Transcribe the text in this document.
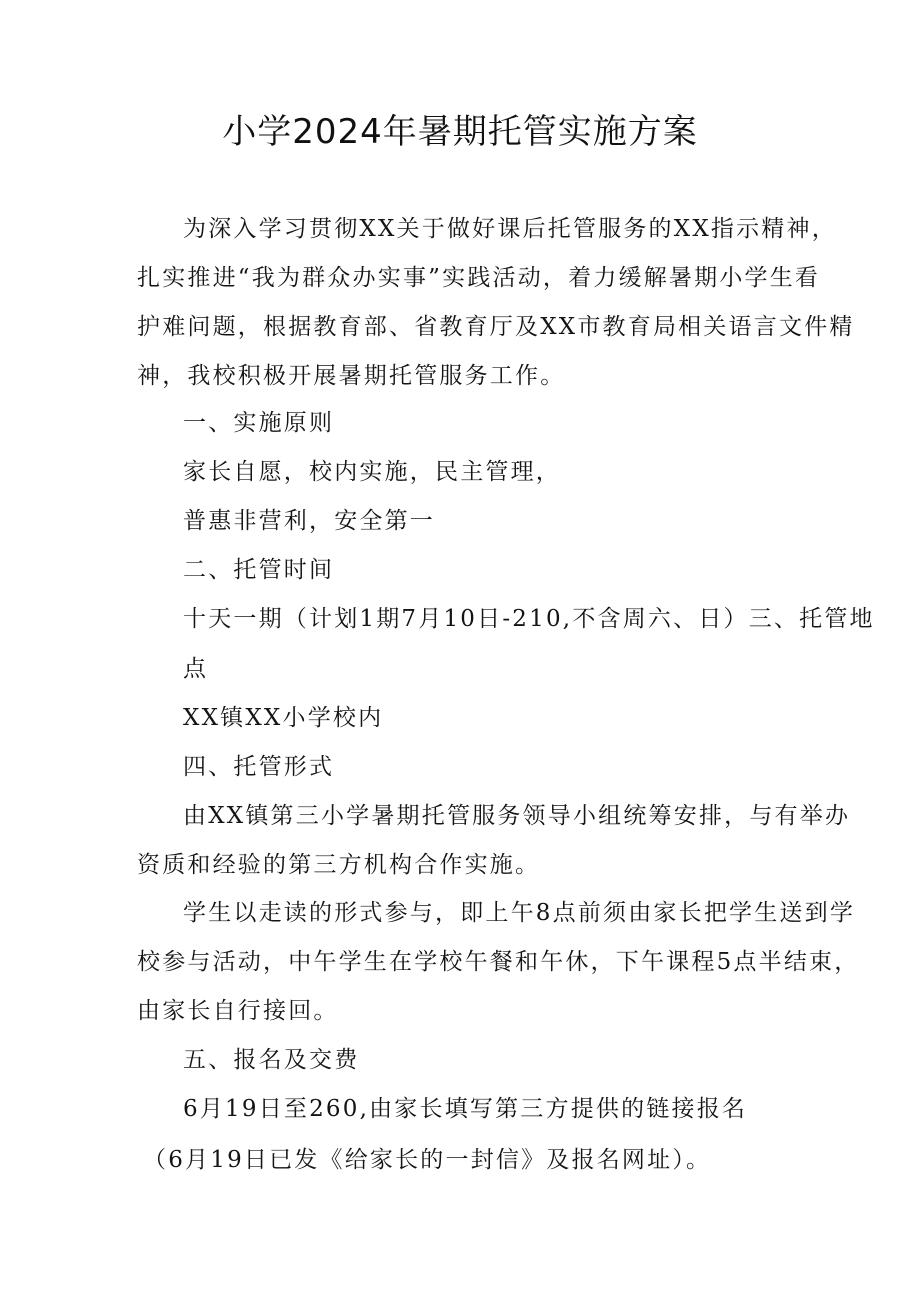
小学2024年暑期托管实施方案
为深入学习贯彻XX关于做好课后托管服务的XX指示精神，
扎实推进“我为群众办实事”实践活动，着力缓解暑期小学生看
护难问题，根据教育部、省教育厅及XX市教育局相关语言文件精
神，我校积极开展暑期托管服务工作。
一、实施原则
家长自愿，校内实施，民主管理，
普惠非营利，安全第一
二、托管时间
十天一期（计划1期7月10日-210,不含周六、日）三、托管地
点
XX镇XX小学校内
四、托管形式
由XX镇第三小学暑期托管服务领导小组统筹安排，与有举办
资质和经验的第三方机构合作实施。
学生以走读的形式参与，即上午8点前须由家长把学生送到学
校参与活动，中午学生在学校午餐和午休，下午课程5点半结束，
由家长自行接回。
五、报名及交费
6月19日至260,由家长填写第三方提供的链接报名
（6月19日已发《给家长的一封信》及报名网址）。
